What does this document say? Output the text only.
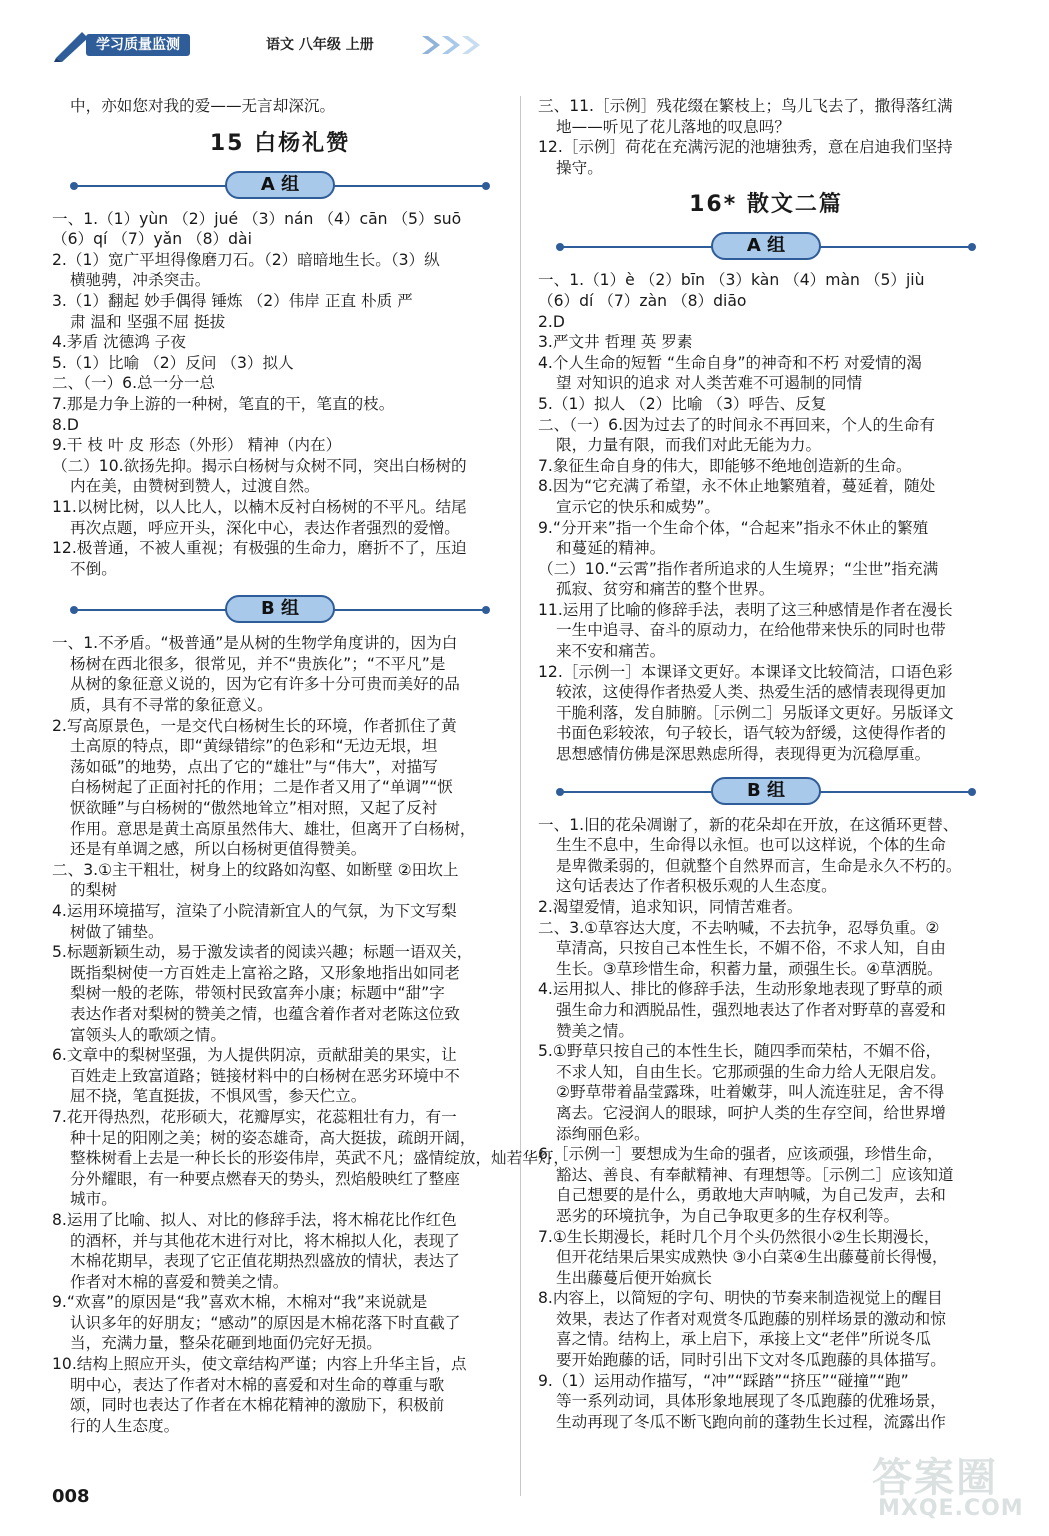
学习质量监测	语文 八年级 上册
中，亦如您对我的爱——无言却深沉。
15 白杨礼赞
A 组
一、1.（1）yùn （2）jué （3）nán （4）cān （5）suō
（6）qí （7）yǎn （8）dài
2.（1）宽广平坦得像磨刀石。（2）暗暗地生长。（3）纵
横驰骋，冲杀突击。
3.（1）翻起 妙手偶得 锤炼 （2）伟岸 正直 朴质 严
肃 温和 坚强不屈 挺拔
4.茅盾 沈德鸿 子夜
5.（1）比喻 （2）反问 （3）拟人
二、（一）6.总一分一总
7.那是力争上游的一种树，笔直的干，笔直的枝。
8.D
9.干 枝 叶 皮 形态（外形） 精神（内在）
（二）10.欲扬先抑。揭示白杨树与众树不同，突出白杨树的
内在美，由赞树到赞人，过渡自然。
11.以树比树，以人比人，以楠木反衬白杨树的不平凡。结尾
再次点题，呼应开头，深化中心，表达作者强烈的爱憎。
12.极普通，不被人重视；有极强的生命力，磨折不了，压迫
不倒。
B 组
一、1.不矛盾。“极普通”是从树的生物学角度讲的，因为白
杨树在西北很多，很常见，并不“贵族化”；“不平凡”是
从树的象征意义说的，因为它有许多十分可贵而美好的品
质，具有不寻常的象征意义。
2.写高原景色，一是交代白杨树生长的环境，作者抓住了黄
土高原的特点，即“黄绿错综”的色彩和“无边无垠，坦
荡如砥”的地势，点出了它的“雄壮”与“伟大”，对描写
白杨树起了正面衬托的作用；二是作者又用了“单调”“恹
恹欲睡”与白杨树的“傲然地耸立”相对照，又起了反衬
作用。意思是黄土高原虽然伟大、雄壮，但离开了白杨树，
还是有单调之感，所以白杨树更值得赞美。
二、3.①主干粗壮，树身上的纹路如沟壑、如断壁 ②田坎上
的梨树
4.运用环境描写，渲染了小院清新宜人的气氛，为下文写梨
树做了铺垫。
5.标题新颖生动，易于激发读者的阅读兴趣；标题一语双关，
既指梨树使一方百姓走上富裕之路，又形象地指出如同老
梨树一般的老陈，带领村民致富奔小康；标题中“甜”字
表达作者对梨树的赞美之情，也蕴含着作者对老陈这位致
富领头人的歌颂之情。
6.文章中的梨树坚强，为人提供阴凉，贡献甜美的果实，让
百姓走上致富道路；链接材料中的白杨树在恶劣环境中不
屈不挠，笔直挺拔，不惧风雪，参天伫立。
7.花开得热烈，花形硕大，花瓣厚实，花蕊粗壮有力，有一
种十足的阳刚之美；树的姿态雄奇，高大挺拔，疏朗开阔，
整株树看上去是一种长长的形姿伟岸，英武不凡；盛情绽放，灿若华灯，
分外耀眼，有一种要点燃春天的势头，烈焰般映红了整座
城市。
8.运用了比喻、拟人、对比的修辞手法，将木棉花比作红色
的酒杯，并与其他花木进行对比，将木棉拟人化，表现了
木棉花期早，表现了它正值花期热烈盛放的情状，表达了
作者对木棉的喜爱和赞美之情。
9.“欢喜”的原因是“我”喜欢木棉，木棉对“我”来说就是
认识多年的好朋友；“感动”的原因是木棉花落下时直截了
当，充满力量，整朵花砸到地面仍完好无损。
10.结构上照应开头，使文章结构严谨；内容上升华主旨，点
明中心，表达了作者对木棉的喜爱和对生命的尊重与歌
颂，同时也表达了作者在木棉花精神的激励下，积极前
行的人生态度。
三、11.［示例］残花缀在繁枝上；鸟儿飞去了，撒得落红满
地——听见了花儿落地的叹息吗？
12.［示例］荷花在充满污泥的池塘独秀，意在启迪我们坚持
操守。
16* 散文二篇
A 组
一、1.（1）è （2）bīn （3）kàn （4）màn （5）jiù
（6）dí （7）zàn （8）diāo
2.D
3.严文井 哲理 英 罗素
4.个人生命的短暂 “生命自身”的神奇和不朽 对爱情的渴
望 对知识的追求 对人类苦难不可遏制的同情
5.（1）拟人 （2）比喻 （3）呼告、反复
二、（一）6.因为过去了的时间永不再回来，个人的生命有
限，力量有限，而我们对此无能为力。
7.象征生命自身的伟大，即能够不绝地创造新的生命。
8.因为“它充满了希望，永不休止地繁殖着，蔓延着，随处
宣示它的快乐和威势”。
9.“分开来”指一个生命个体，“合起来”指永不休止的繁殖
和蔓延的精神。
（二）10.“云霄”指作者所追求的人生境界；“尘世”指充满
孤寂、贫穷和痛苦的整个世界。
11.运用了比喻的修辞手法，表明了这三种感情是作者在漫长
一生中追寻、奋斗的原动力，在给他带来快乐的同时也带
来不安和痛苦。
12.［示例一］本课译文更好。本课译文比较简洁，口语色彩
较浓，这使得作者热爱人类、热爱生活的感情表现得更加
干脆利落，发自肺腑。［示例二］另版译文更好。另版译文
书面色彩较浓，句子较长，语气较为舒缓，这使得作者的
思想感情仿佛是深思熟虑所得，表现得更为沉稳厚重。
B 组
一、1.旧的花朵凋谢了，新的花朵却在开放，在这循环更替、
生生不息中，生命得以永恒。也可以这样说，个体的生命
是卑微柔弱的，但就整个自然界而言，生命是永久不朽的。
这句话表达了作者积极乐观的人生态度。
2.渴望爱情，追求知识，同情苦难者。
二、3.①草容达大度，不去呐喊，不去抗争，忍辱负重。②
草清高，只按自己本性生长，不媚不俗，不求人知，自由
生长。③草珍惜生命，积蓄力量，顽强生长。④草洒脱。
4.运用拟人、排比的修辞手法，生动形象地表现了野草的顽
强生命力和洒脱品性，强烈地表达了作者对野草的喜爱和
赞美之情。
5.①野草只按自己的本性生长，随四季而荣枯，不媚不俗，
不求人知，自由生长。它那顽强的生命力给人无限启发。
②野草带着晶莹露珠，吐着嫩芽，叫人流连驻足，舍不得
离去。它浸润人的眼球，呵护人类的生存空间，给世界增
添绚丽色彩。
6.［示例一］要想成为生命的强者，应该顽强，珍惜生命，
豁达、善良、有奉献精神、有理想等。［示例二］应该知道
自己想要的是什么，勇敢地大声呐喊，为自己发声，去和
恶劣的环境抗争，为自己争取更多的生存权利等。
7.①生长期漫长，耗时几个月个头仍然很小②生长期漫长，
但开花结果后果实成熟快 ③小白菜④生出藤蔓前长得慢，
生出藤蔓后便开始疯长
8.内容上，以简短的字句、明快的节奏来制造视觉上的醒目
效果，表达了作者对观赏冬瓜跑藤的别样场景的激动和惊
喜之情。结构上，承上启下，承接上文“老伴”所说冬瓜
要开始跑藤的话，同时引出下文对冬瓜跑藤的具体描写。
9.（1）运用动作描写，“冲”“踩踏”“挤压”“碰撞”“跑”
等一系列动词，具体形象地展现了冬瓜跑藤的优雅场景，
生动再现了冬瓜不断飞跑向前的蓬勃生长过程，流露出作
008	答案圈
MXQE.COM
